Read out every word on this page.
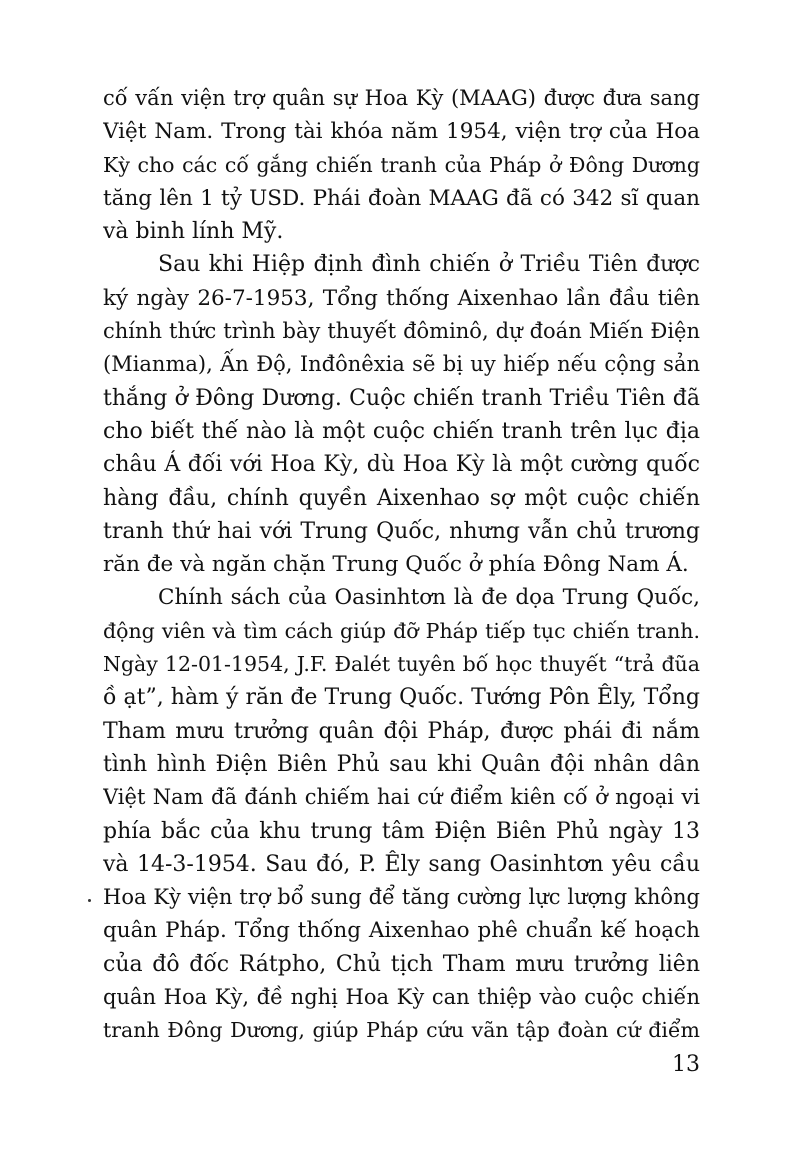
cố vấn viện trợ quân sự Hoa Kỳ (MAAG) được đưa sang
Việt Nam. Trong tài khóa năm 1954, viện trợ của Hoa
Kỳ cho các cố gắng chiến tranh của Pháp ở Đông Dương
tăng lên 1 tỷ USD. Phái đoàn MAAG đã có 342 sĩ quan
và binh lính Mỹ.
Sau khi Hiệp định đình chiến ở Triều Tiên được
ký ngày 26-7-1953, Tổng thống Aixenhao lần đầu tiên
chính thức trình bày thuyết đôminô, dự đoán Miến Điện
(Mianma), Ấn Độ, Inđônêxia sẽ bị uy hiếp nếu cộng sản
thắng ở Đông Dương. Cuộc chiến tranh Triều Tiên đã
cho biết thế nào là một cuộc chiến tranh trên lục địa
châu Á đối với Hoa Kỳ, dù Hoa Kỳ là một cường quốc
hàng đầu, chính quyền Aixenhao sợ một cuộc chiến
tranh thứ hai với Trung Quốc, nhưng vẫn chủ trương
răn đe và ngăn chặn Trung Quốc ở phía Đông Nam Á.
Chính sách của Oasinhtơn là đe dọa Trung Quốc,
động viên và tìm cách giúp đỡ Pháp tiếp tục chiến tranh.
Ngày 12-01-1954, J.F. Đalét tuyên bố học thuyết “trả đũa
ồ ạt”, hàm ý răn đe Trung Quốc. Tướng Pôn Êly, Tổng
Tham mưu trưởng quân đội Pháp, được phái đi nắm
tình hình Điện Biên Phủ sau khi Quân đội nhân dân
Việt Nam đã đánh chiếm hai cứ điểm kiên cố ở ngoại vi
phía bắc của khu trung tâm Điện Biên Phủ ngày 13
và 14-3-1954. Sau đó, P. Êly sang Oasinhtơn yêu cầu
Hoa Kỳ viện trợ bổ sung để tăng cường lực lượng không
quân Pháp. Tổng thống Aixenhao phê chuẩn kế hoạch
của đô đốc Rátpho, Chủ tịch Tham mưu trưởng liên
quân Hoa Kỳ, đề nghị Hoa Kỳ can thiệp vào cuộc chiến
tranh Đông Dương, giúp Pháp cứu vãn tập đoàn cứ điểm
13
